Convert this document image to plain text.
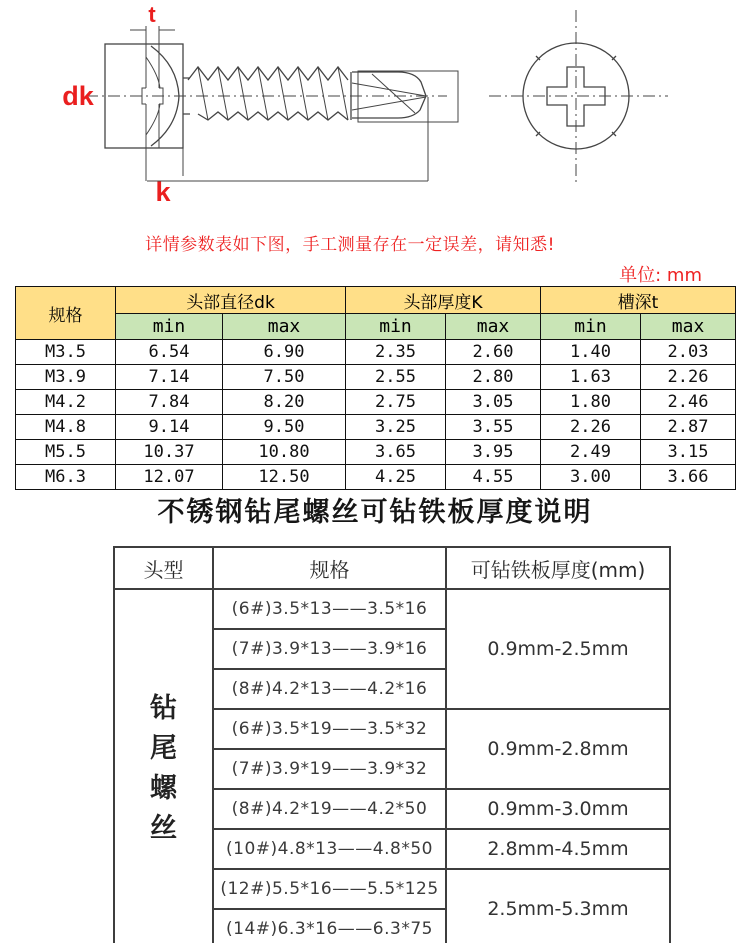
t
dk
k
详情参数表如下图，手工测量存在一定误差，请知悉!
单位: mm
规格	头部直径dk		头部厚度K		槽深t	
	min	max	min	max	min	max
M3.5	6.54	6.90	2.35	2.60	1.40	2.03
M3.9	7.14	7.50	2.55	2.80	1.63	2.26
M4.2	7.84	8.20	2.75	3.05	1.80	2.46
M4.8	9.14	9.50	3.25	3.55	2.26	2.87
M5.5	10.37	10.80	3.65	3.95	2.49	3.15
M6.3	12.07	12.50	4.25	4.55	3.00	3.66
不锈钢钻尾螺丝可钻铁板厚度说明
头型	规格	可钻铁板厚度(mm)

钻
尾
螺
丝	(6#)3.5*13——3.5*16	0.9mm-2.5mm
	(7#)3.9*13——3.9*16	
	(8#)4.2*13——4.2*16	
	(6#)3.5*19——3.5*32	0.9mm-2.8mm
	(7#)3.9*19——3.9*32	
	(8#)4.2*19——4.2*50	0.9mm-3.0mm
	(10#)4.8*13——4.8*50	2.8mm-4.5mm
	(12#)5.5*16——5.5*125	2.5mm-5.3mm
	(14#)6.3*16——6.3*75	
